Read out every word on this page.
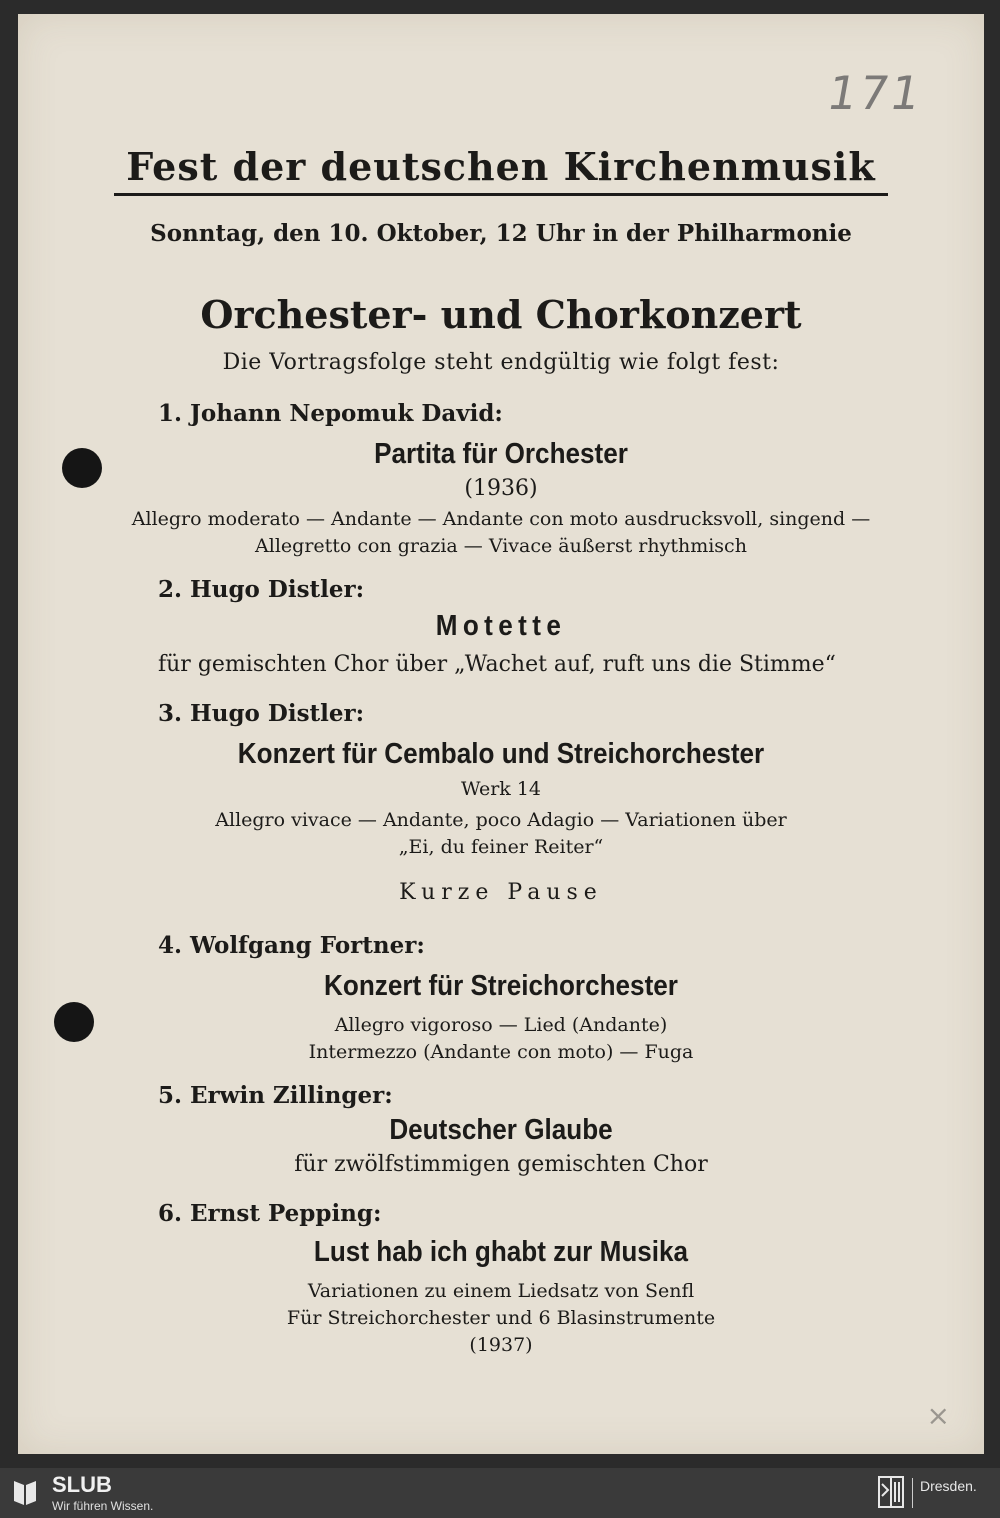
171
Fest der deutschen Kirchenmusik
Sonntag, den 10. Oktober, 12 Uhr in der Philharmonie
Orchester- und Chorkonzert
Die Vortragsfolge steht endgültig wie folgt fest:
1. Johann Nepomuk David:
Partita für Orchester
(1936)
Allegro moderato — Andante — Andante con moto ausdrucksvoll, singend —
Allegretto con grazia — Vivace äußerst rhythmisch
2. Hugo Distler:
Motette
für gemischten Chor über „Wachet auf, ruft uns die Stimme“
3. Hugo Distler:
Konzert für Cembalo und Streichorchester
Werk 14
Allegro vivace — Andante, poco Adagio — Variationen über
„Ei, du feiner Reiter“
Kurze Pause
4. Wolfgang Fortner:
Konzert für Streichorchester
Allegro vigoroso — Lied (Andante)
Intermezzo (Andante con moto) — Fuga
5. Erwin Zillinger:
Deutscher Glaube
für zwölfstimmigen gemischten Chor
6. Ernst Pepping:
Lust hab ich ghabt zur Musika
Variationen zu einem Liedsatz von Senfl
Für Streichorchester und 6 Blasinstrumente
(1937)
×
SLUB
Wir führen Wissen.
Dresden.
